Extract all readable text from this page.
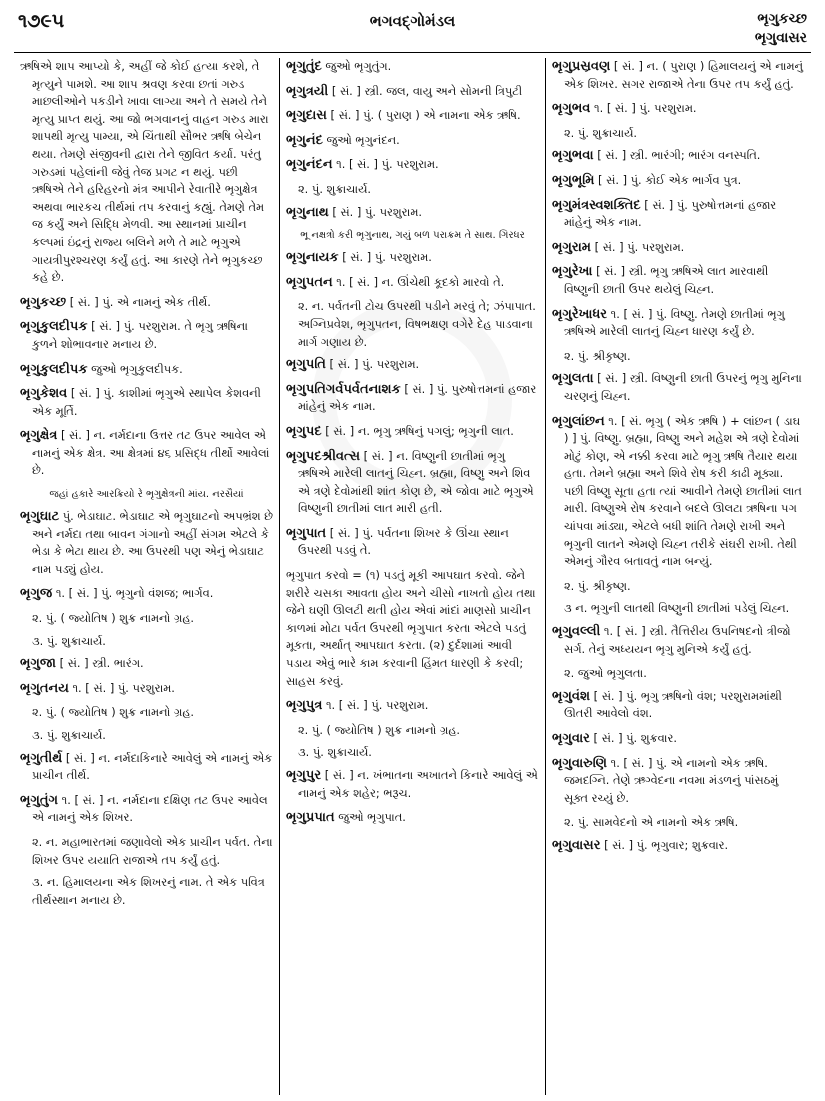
૧૭૯૫	ભગવદ્ગોમંડલ	ભૃગુકચ્છ
ભૃગુવાસર

ઋષિએ શાપ આપ્યો કે, અહીં જે કોઈ હત્યા કરશે, તે મૃત્યુને પામશે. આ શાપ શ્રવણ કરવા છતાં ગરુડ માછલીઓને પકડીને ખાવા લાગ્યા અને તે સમયે તેને મૃત્યુ પ્રાપ્ત થયું. આ જો ભગવાનનું વાહન ગરુડ મારા શાપથી મૃત્યુ પામ્યા, એ ચિંતાથી સૌભર ઋષિ બેચેન થયા. તેમણે સંજીવની દ્વારા તેને જીવિત કર્યા. પરંતુ ગરુડમાં પહેલાંની જેવું તેજ પ્રગટ ન થયું. પછી ઋષિએ તેને હરિહરનો મંત્ર આપીને રેવાતીરે ભૃગુક્ષેત્ર અથવા ભારકચ તીર્થમાં તપ કરવાનું કહ્યું. તેમણે તેમ જ કર્યું અને સિદ્ધિ મેળવી. આ સ્થાનમાં પ્રાચીન કલ્પમાં ઇંદ્રનું રાજ્ય બલિને મળે તે માટે ભૃગુએ ગાયત્રીપુરશ્ચરણ કર્યું હતું. આ કારણે તેને ભૃગુકચ્છ કહે છે.

ભૃગુકચ્છ [ સં. ] પું. એ નામનું એક તીર્થ.

ભૃગુકુલદીપક [ સં. ] પું. પરશુરામ. તે ભૃગુ ઋષિના કુળને શોભાવનાર મનાય છે.

ભૃગુકુલદીપક જુઓ ભૃગુકુલદીપક.

ભૃગુકેશવ [ સં. ] પું. કાશીમાં ભૃગુએ સ્થાપેલ કેશવની એક મૂર્તિ.

ભૃગુક્ષેત્ર [ સં. ] ન. નર્મદાના ઉત્તર તટ ઉપર આવેલ એ નામનું એક ક્ષેત્ર. આ ક્ષેત્રમાં ૪૬ પ્રસિદ્ધ તીર્થો આવેલાં છે.

જહાં હકારે આરક્રિયો રે ભૃગુક્ષેત્રની માંય. નરસૈયાં

ભૃગુઘાટ પું. ભેડાઘાટ. ભેડાઘાટ એ ભૃગુઘાટનો અપભ્રંશ છે અને નર્મદા તથા બાવન ગંગાનો અહીં સંગમ એટલે કે ભેડા કે ભેટા થાય છે. આ ઉપરથી પણ એનું ભેડાઘાટ નામ પડ્યું હોય.

ભૃગુજ ૧. [ સં. ] પું. ભૃગુનો વંશજ; ભાર્ગવ.

૨. પું. ( જ્યોતિષ ) શુક્ર નામનો ગ્રહ.

૩. પું. શુક્રાચાર્ય.

ભૃગુજા [ સં. ] સ્ત્રી. ભારંગ.

ભૃગુતનય ૧. [ સં. ] પું. પરશુરામ.

૨. પું. ( જ્યોતિષ ) શુક્ર નામનો ગ્રહ.

૩. પું. શુક્રાચાર્ય.

ભૃગુતીર્થ [ સં. ] ન. નર્મદાકિનારે આવેલું એ નામનું એક પ્રાચીન તીર્થ.

ભૃગુતુંગ ૧. [ સં. ] ન. નર્મદાના દક્ષિણ તટ ઉપર આવેલ એ નામનું એક શિખર.

૨. ન. મહાભારતમાં જણાવેલો એક પ્રાચીન પર્વત. તેના શિખર ઉપર યયાતિ રાજાએ તપ કર્યું હતું.

૩. ન. હિમાલયના એક શિખરનું નામ. તે એક પવિત્ર તીર્થસ્થાન મનાય છે.

ભૃગુતુંદ જુઓ ભૃગુતુંગ.

ભૃગુત્રયી [ સં. ] સ્ત્રી. જલ, વાયુ અને સોમની ત્રિપુટી

ભૃગુદાસ [ સં. ] પું. ( પુરાણ ) એ નામના એક ઋષિ.

ભૃગુનંદ જુઓ ભૃગુનંદન.

ભૃગુનંદન ૧. [ સં. ] પું. પરશુરામ.

૨. પું. શુક્રાચાર્ય.

ભૃગુનાથ [ સં. ] પું. પરશુરામ.

ભૂ નક્ષત્રો કરી ભૃગુનાથ, ગયું બળ પરાક્રમ તે સાથ. ગિરધર

ભૃગુનાયક [ સં. ] પું. પરશુરામ.

ભૃગુપતન ૧. [ સં. ] ન. ઊંચેથી કૂદકો મારવો તે.

૨. ન. પર્વતની ટોચ ઉપરથી પડીને મરવું તે; ઝંપાપાત. અગ્નિપ્રવેશ, ભૃગુપતન, વિષભક્ષણ વગેરે દેહ પાડવાના માર્ગ ગણાય છે.

ભૃગુપતિ [ સં. ] પું. પરશુરામ.

ભૃગુપતિગર્વપર્વતનાશક [ સં. ] પું. પુરુષોત્તમનાં હજાર માંહેનું એક નામ.

ભૃગુપદ [ સં. ] ન. ભૃગુ ઋષિનું પગલું; ભૃગુની લાત.

ભૃગુપદશ્રીવત્સ [ સં. ] ન. વિષ્ણુની છાતીમાં ભૃગુ ઋષિએ મારેલી લાતનું ચિહ્ન. બ્રહ્મા, વિષ્ણુ અને શિવ એ ત્રણે દેવોમાંથી શાંત કોણ છે, એ જોવા માટે ભૃગુએ વિષ્ણુની છાતીમાં લાત મારી હતી.

ભૃગુપાત [ સં. ] પું. પર્વતના શિખર કે ઊંચા સ્થાન ઉપરથી પડવું તે.

ભૃગુપાત કરવો = (૧) પડતું મૂકી આપઘાત કરવો. જેને શરીરે ચસકા આવતા હોય અને ચીસો નાખતો હોય તથા જેને ઘણી ઊલટી થતી હોય એવાં માંદાં માણસો પ્રાચીન કાળમાં મોટા પર્વત ઉપરથી ભૃગુપાત કરતા એટલે પડતું મૂકતા, અર્થાત્ આપઘાત કરતા. (૨) દુર્દશામાં આવી પડાય એવું ભારે કામ કરવાની હિંમત ધારણી કે કરવી; સાહસ કરવું.

ભૃગુપુત્ર ૧. [ સં. ] પું. પરશુરામ.

૨. પું. ( જ્યોતિષ ) શુક્ર નામનો ગ્રહ.

૩. પું. શુક્રાચાર્ય.

ભૃગુપુર [ સં. ] ન. ખંભાતના અખાતને કિનારે આવેલું એ નામનું એક શહેર; ભરૂચ.

ભૃગુપ્રપાત જુઓ ભૃગુપાત.

ભૃગુપ્રસ્રવણ [ સં. ] ન. ( પુરાણ ) હિમાલયનું એ નામનું એક શિખર. સગર રાજાએ તેના ઉપર તપ કર્યું હતું.

ભૃગુભવ ૧. [ સં. ] પું. પરશુરામ.

૨. પું. શુક્રાચાર્ય.

ભૃગુભવા [ સં. ] સ્ત્રી. ભારંગી; ભારંગ વનસ્પતિ.

ભૃગુભૂમિ [ સં. ] પું. કોઈ એક ભાર્ગવ પુત્ર.

ભૃગુમંત્રસ્વશક્તિદ [ સં. ] પું. પુરુષોત્તમનાં હજાર માંહેનું એક નામ.

ભૃગુરામ [ સં. ] પું. પરશુરામ.

ભૃગુરેખા [ સં. ] સ્ત્રી. ભૃગુ ઋષિએ લાત મારવાથી વિષ્ણુની છાતી ઉપર થયેલું ચિહ્ન.

ભૃગુરેખાધર ૧. [ સં. ] પું. વિષ્ણુ. તેમણે છાતીમાં ભૃગુ ઋષિએ મારેલી લાતનું ચિહ્ન ધારણ કર્યું છે.

૨. પું. શ્રીકૃષ્ણ.

ભૃગુલતા [ સં. ] સ્ત્રી. વિષ્ણુની છાતી ઉપરનું ભૃગુ મુનિના ચરણનું ચિહ્ન.

ભૃગુલાંછન ૧. [ સં. ભૃગુ ( એક ઋષિ ) + લાંછન ( ડાઘ ) ] પું. વિષ્ણુ. બ્રહ્મા, વિષ્ણુ અને મહેશ એ ત્રણે દેવોમાં મોટું કોણ, એ નક્કી કરવા માટે ભૃગુ ઋષિ તૈયાર થયા હતા. તેમને બ્રહ્મા અને શિવે રોષ કરી કાઢી મૂક્યા. પછી વિષ્ણુ સૂતા હતા ત્યાં આવીને તેમણે છાતીમાં લાત મારી. વિષ્ણુએ રોષ કરવાને બદલે ઊલટા ઋષિના પગ ચાંપવા માંડ્યા, એટલે બધી શાંતિ તેમણે રાખી અને ભૃગુની લાતને એમણે ચિહ્ન તરીકે સંઘરી રાખી. તેથી એમનું ગૌરવ બતાવતું નામ બન્યું.

૨. પું. શ્રીકૃષ્ણ.

૩ ન. ભૃગુની લાતથી વિષ્ણુની છાતીમાં પડેલું ચિહ્ન.

ભૃગુવલ્લી ૧. [ સં. ] સ્ત્રી. તૈત્તિરીય ઉપનિષદનો ત્રીજો સર્ગ. તેનું અધ્યયન ભૃગુ મુનિએ કર્યું હતું.

૨. જુઓ ભૃગુલતા.

ભૃગુવંશ [ સં. ] પું. ભૃગુ ઋષિનો વંશ; પરશુરામમાંથી ઊતરી આવેલો વંશ.

ભૃગુવાર [ સં. ] પું. શુક્રવાર.

ભૃગુવારુણિ ૧. [ સં. ] પું. એ નામનો એક ઋષિ. જમદગ્નિ. તેણે ઋગ્વેદના નવમા મંડળનું પાંસઠમું સૂક્ત રચ્યું છે.

૨. પું. સામવેદનો એ નામનો એક ઋષિ.

ભૃગુવાસર [ સં. ] પું. ભૃગુવાર; શુક્રવાર.
